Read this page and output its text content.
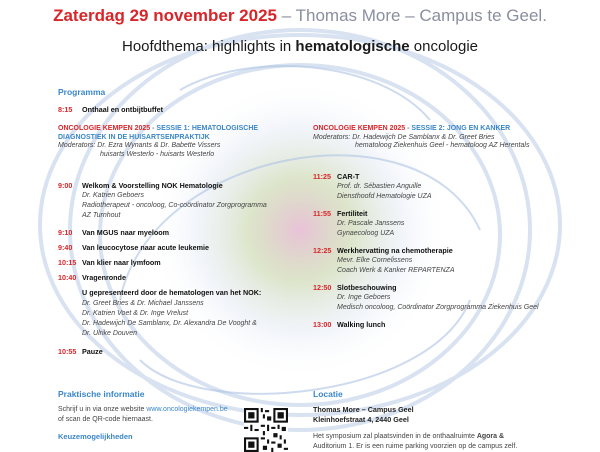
Zaterdag 29 november 2025 – Thomas More – Campus te Geel.
Hoofdthema: highlights in hematologische oncologie
Programma
8:15 Onthaal en ontbijtbuffet
ONCOLOGIE KEMPEN 2025 - SESSIE 1: HEMATOLOGISCHE
DIAGNOSTIEK IN DE HUISARTSENPRAKTIJK
Moderators: Dr. Ezra Wynants & Dr. Babette Vissers
huisarts Westerlo - huisarts Westerlo
9:00 Welkom & Voorstelling NOK Hematologie
Dr. Katrien Geboers
Radiotherapeut - oncoloog, Co-coördinator Zorgprogramma
AZ Turnhout
9:10 Van MGUS naar myeloom
9:40 Van leucocytose naar acute leukemie
10:15 Van klier naar lymfoom
10:40 Vragenronde
U gepresenteerd door de hematologen van het NOK:
Dr. Greet Bries & Dr. Michael Janssens
Dr. Katrien Voet & Dr. Inge Vrelust
Dr. Hadewijch De Samblanx, Dr. Alexandra De Vooght &
Dr. Ulrike Douven
10:55 Pauze
ONCOLOGIE KEMPEN 2025 - SESSIE 2: JONG EN KANKER
Moderators: Dr. Hadewijch De Samblanx & Dr. Greet Bries
hematoloog Ziekenhuis Geel - hematoloog AZ Herentals
11:25 CAR-T
Prof. dr. Sébastien Anguille
Diensthoofd Hematologie UZA
11:55 Fertiliteit
Dr. Pascale Janssens
Gynaecoloog UZA
12:25 Werkhervatting na chemotherapie
Mevr. Elke Cornelissens
Coach Werk & Kanker REPARTENZA
12:50 Slotbeschouwing
Dr. Inge Geboers
Medisch oncoloog, Coördinator Zorgprogramma Ziekenhuis Geel
13:00 Walking lunch
Praktische informatie
Schrijf u in via onze website www.oncologiekempen.be
of scan de QR-code hiernaast.
Keuzemogelijkheden
Locatie
Thomas More – Campus Geel
Kleinhoefstraat 4, 2440 Geel
Het symposium zal plaatsvinden in de onthaalruimte Agora &
Auditorium 1. Er is een ruime parking voorzien op de campus zelf.
